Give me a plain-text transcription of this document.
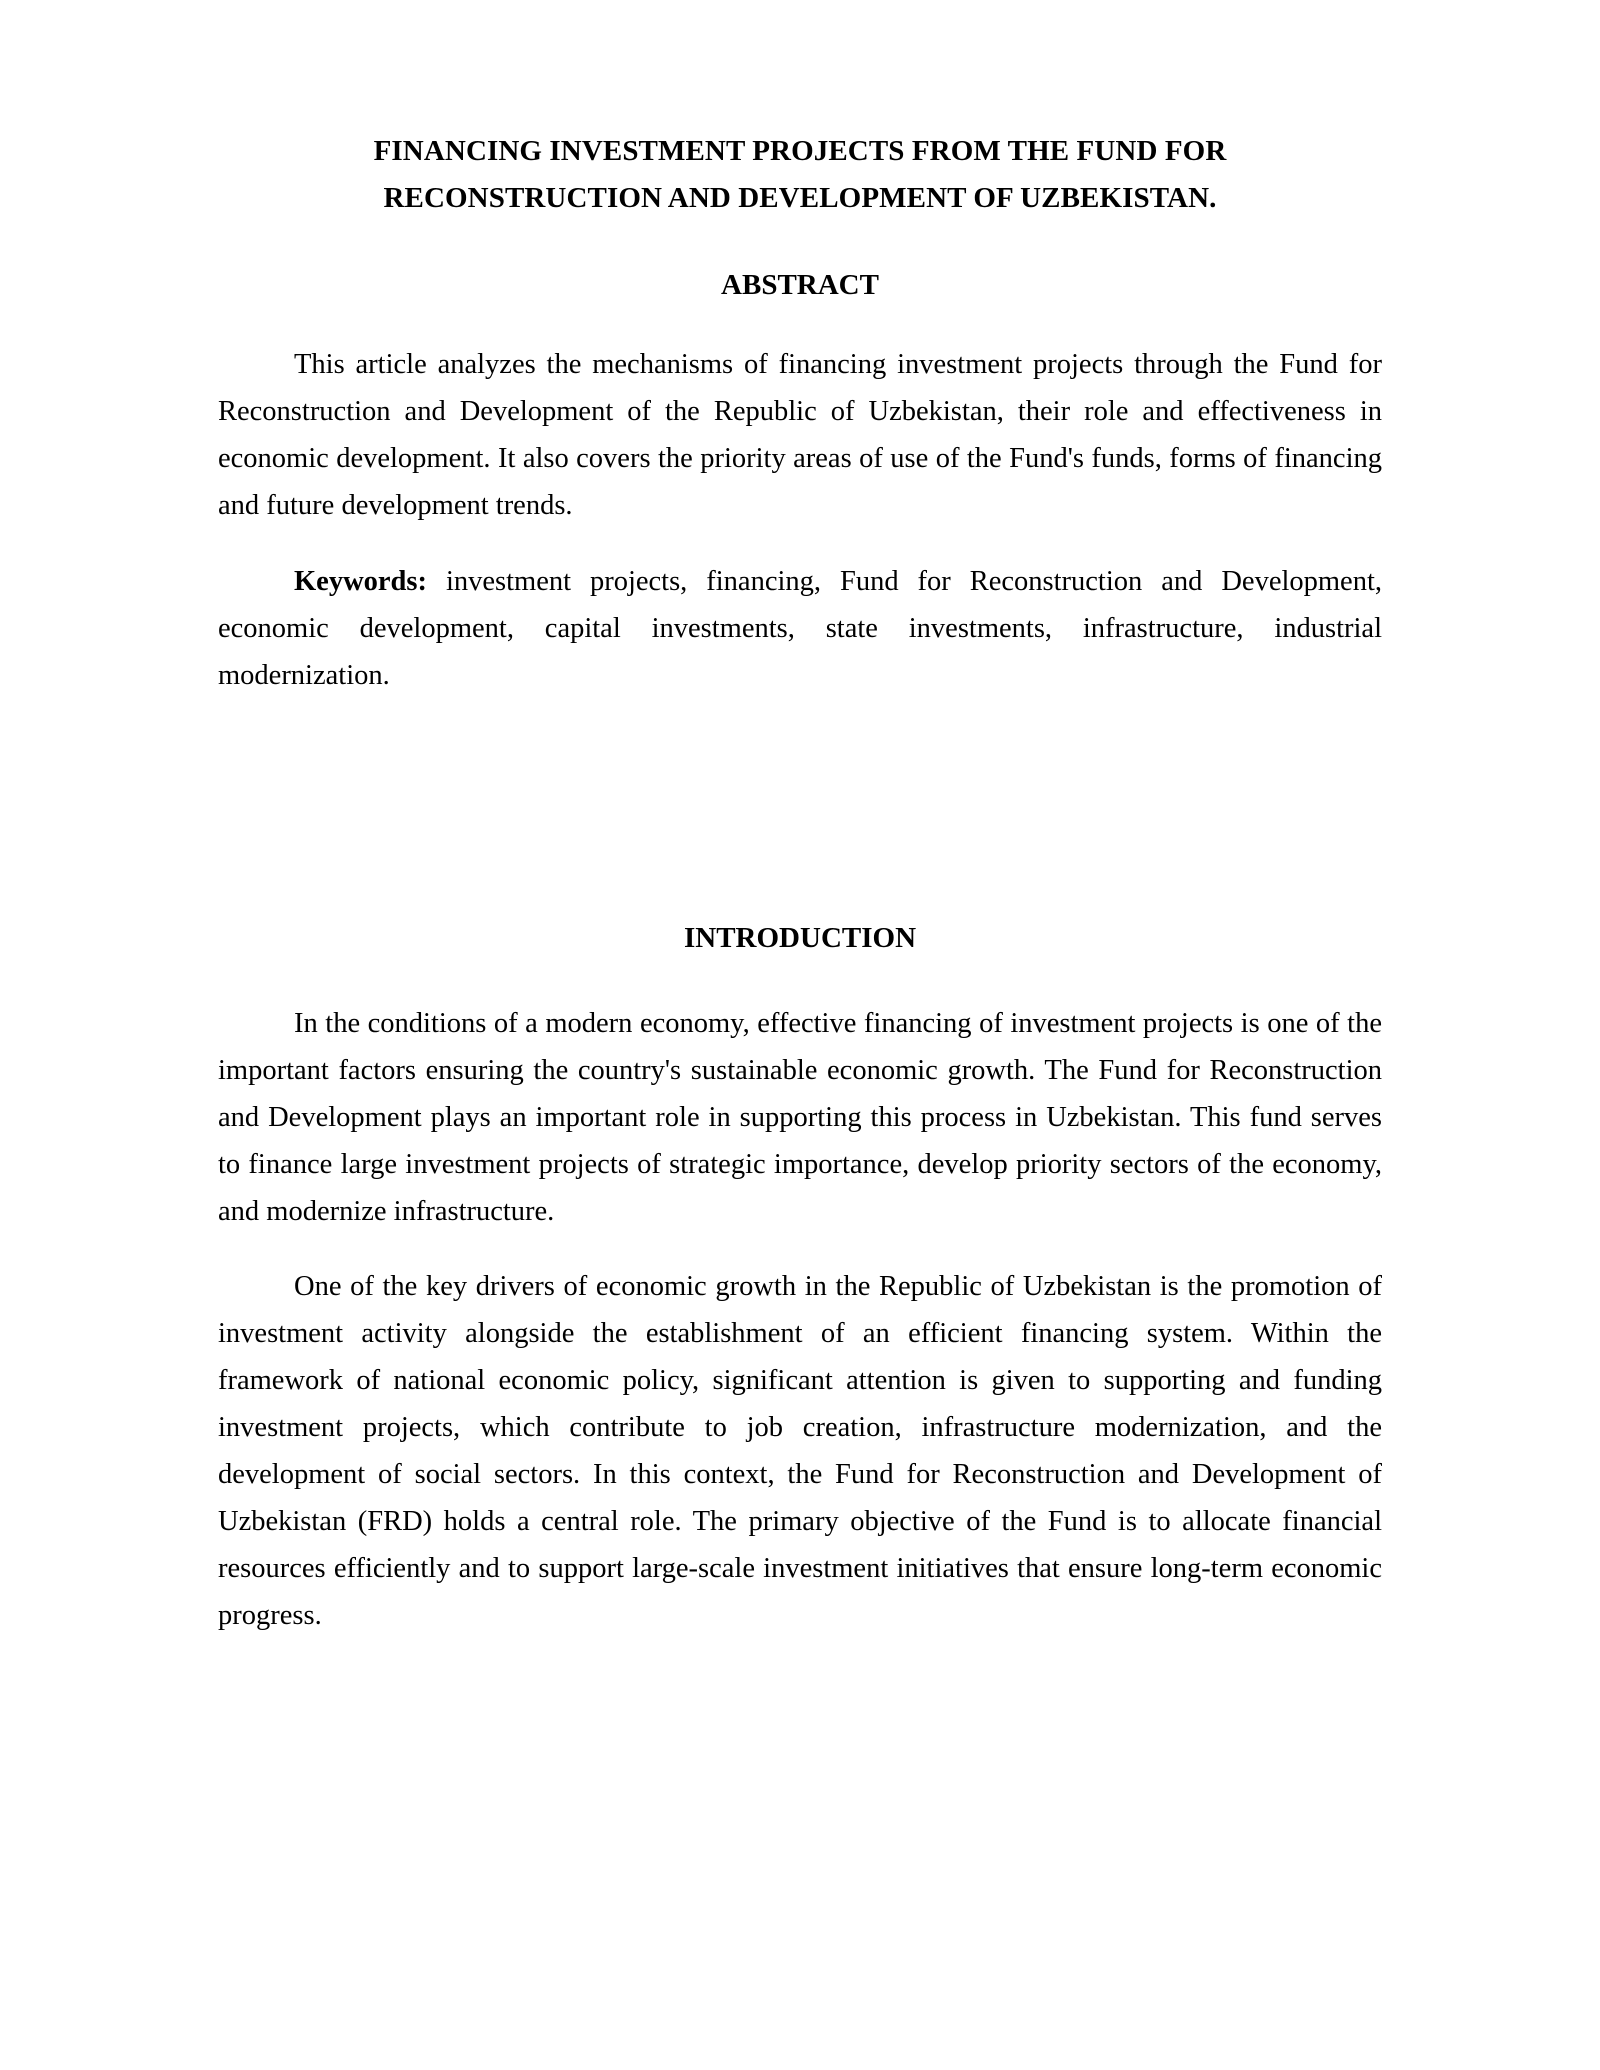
FINANCING INVESTMENT PROJECTS FROM THE FUND FOR
RECONSTRUCTION AND DEVELOPMENT OF UZBEKISTAN.
ABSTRACT

This article analyzes the mechanisms of financing investment projects through the Fund for Reconstruction and Development of the Republic of Uzbekistan, their role and effectiveness in economic development. It also covers the priority areas of use of the Fund's funds, forms of financing and future development trends.

Keywords: investment projects, financing, Fund for Reconstruction and Development, economic development, capital investments, state investments, infrastructure, industrial modernization.

INTRODUCTION

In the conditions of a modern economy, effective financing of investment projects is one of the important factors ensuring the country's sustainable economic growth. The Fund for Reconstruction and Development plays an important role in supporting this process in Uzbekistan. This fund serves to finance large investment projects of strategic importance, develop priority sectors of the economy, and modernize infrastructure.

One of the key drivers of economic growth in the Republic of Uzbekistan is the promotion of investment activity alongside the establishment of an efficient financing system. Within the framework of national economic policy, significant attention is given to supporting and funding investment projects, which contribute to job creation, infrastructure modernization, and the development of social sectors. In this context, the Fund for Reconstruction and Development of Uzbekistan (FRD) holds a central role. The primary objective of the Fund is to allocate financial resources efficiently and to support large-scale investment initiatives that ensure long-term economic progress.
